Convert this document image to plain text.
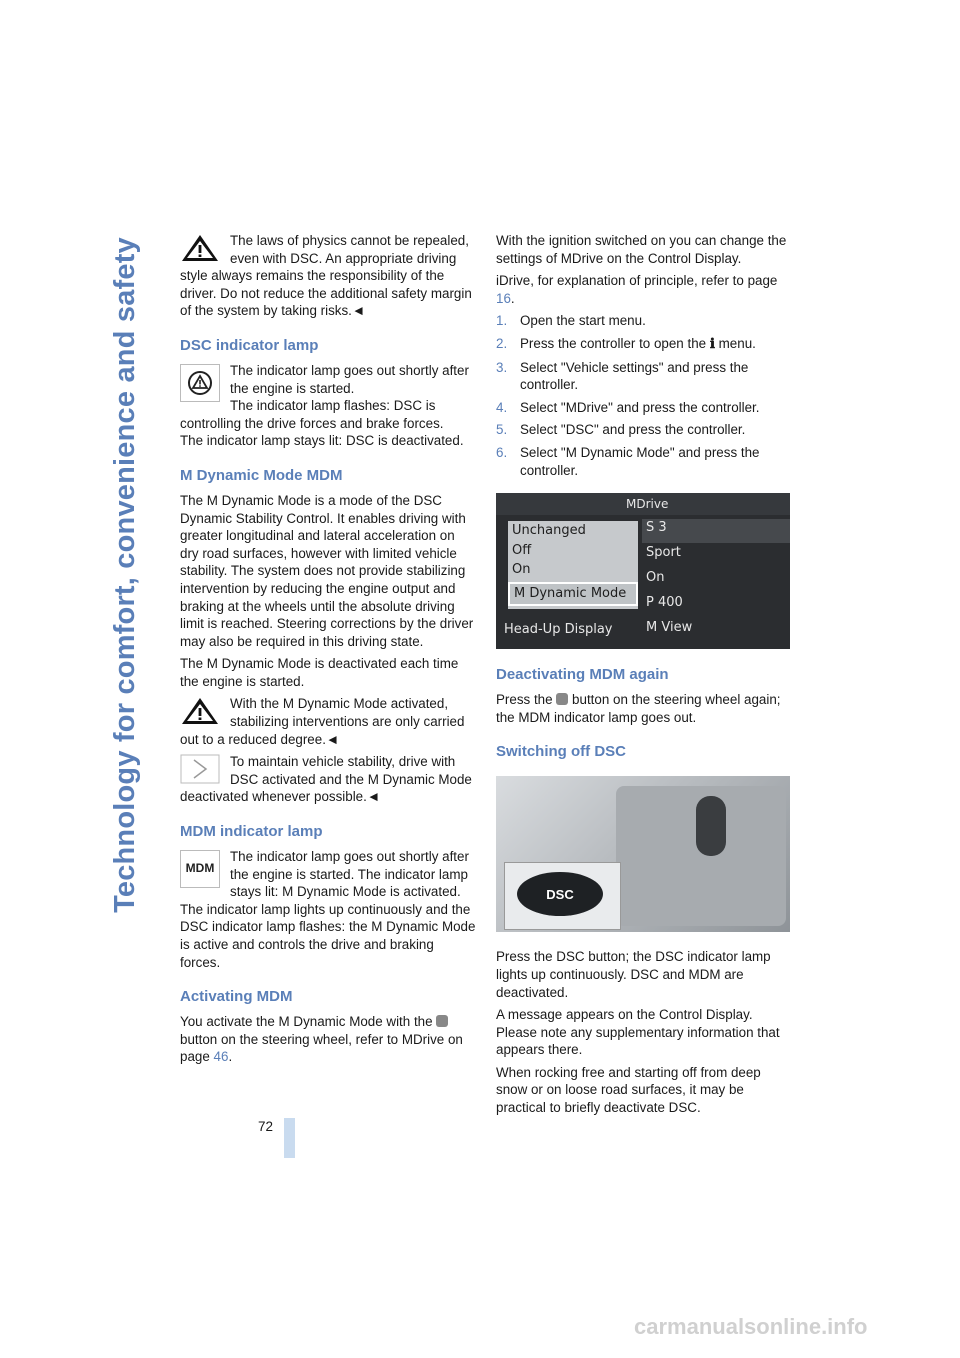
Technology for comfort, convenience and safety	The laws of physics cannot be repealed, even with DSC. An appropriate driving style always remains the responsibility of the driver. Do not reduce the additional safety margin of the system by taking risks.◄

DSC indicator lamp

The indicator lamp goes out shortly after the engine is started.

The indicator lamp flashes: DSC is controlling the drive forces and brake forces.

The indicator lamp stays lit: DSC is deactivated.

M Dynamic Mode MDM

The M Dynamic Mode is a mode of the DSC Dynamic Stability Control. It enables driving with greater longitudinal and lateral acceleration on dry road surfaces, however with limited vehicle stability. The system does not provide stabilizing intervention by reducing the engine output and braking at the wheels until the absolute driving limit is reached. Steering corrections by the driver may also be required in this driving state.

The M Dynamic Mode is deactivated each time the engine is started.

With the M Dynamic Mode activated, stabilizing interventions are only carried out to a reduced degree.◄

To maintain vehicle stability, drive with DSC activated and the M Dynamic Mode deactivated whenever possible.◄

MDM indicator lamp
MDM

The indicator lamp goes out shortly after the engine is started. The indicator lamp stays lit: M Dynamic Mode is activated.

The indicator lamp lights up continuously and the DSC indicator lamp flashes: the M Dynamic Mode is active and controls the drive and braking forces.

Activating MDM

You activate the M Dynamic Mode with the  button on the steering wheel, refer to MDrive on page 46.

With the ignition switched on you can change the settings of MDrive on the Control Display.

iDrive, for explanation of principle, refer to page 16.

1. Open the start menu.
2. Press the controller to open the ℹ menu.
3. Select "Vehicle settings" and press the controller.
4. Select "MDrive" and press the controller.
5. Select "DSC" and press the controller.
6. Select "M Dynamic Mode" and press the controller.
MDrive
Unchanged
Off
On
M Dynamic Mode
S 3
Sport
On
P 400
M View
Head-Up Display
Deactivating MDM again

Press the button on the steering wheel again; the MDM indicator lamp goes out.

Switching off DSC
DSC

Press the DSC button; the DSC indicator lamp lights up continuously. DSC and MDM are deactivated.

A message appears on the Control Display. Please note any supplementary information that appears there.

When rocking free and starting off from deep snow or on loose road surfaces, it may be practical to briefly deactivate DSC.

72
carmanualsonline.info
